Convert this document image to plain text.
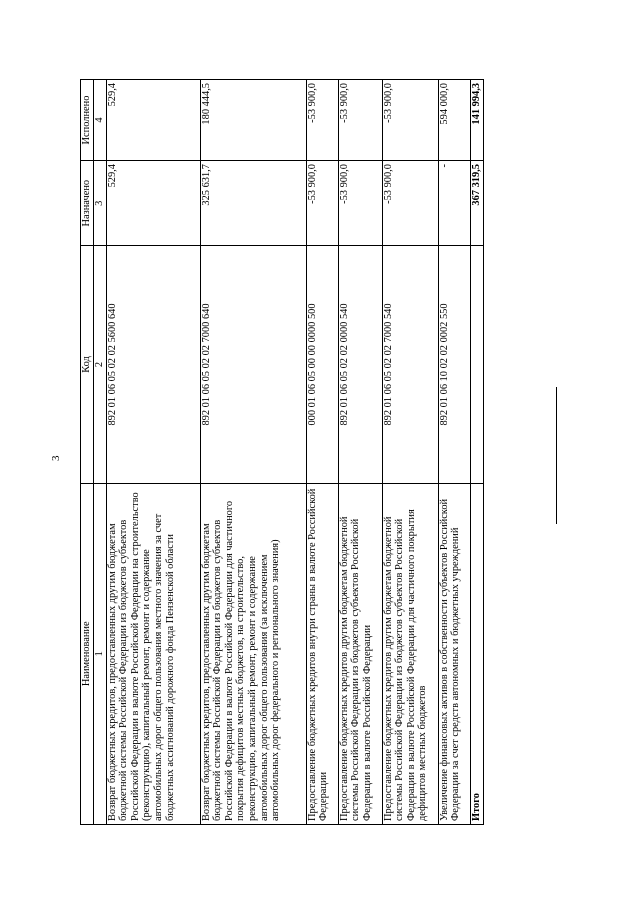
3
Наименование	Код	Назначено	Исполнено
1	2	3	4
Возврат бюджетных кредитов, предоставленных другим бюджетам бюджетной системы Российской Федерации из бюджетов субъектов Российской Федерации в валюте Российской Федерации на строительство (реконструкцию), капитальный ремонт, ремонт и содержание автомобильных дорог общего пользования местного значения за счет бюджетных ассигнований дорожного фонда Пензенской области	892 01 06 05 02 02 5600 640	529,4	529,4
Возврат бюджетных кредитов, предоставленных другим бюджетам бюджетной системы Российской Федерации из бюджетов субъектов Российской Федерации в валюте Российской Федерации для частичного покрытия дефицитов местных бюджетов, на строительство, реконструкцию, капитальный ремонт, ремонт и содержание автомобильных дорог общего пользования (за исключением автомобильных дорог федерального и регионального значения)	892 01 06 05 02 02 7000 640	325 631,7	180 444,5
Предоставление бюджетных кредитов внутри страны в валюте Российской Федерации	000 01 06 05 00 00 0000 500	-53 900,0	-53 900,0
Предоставление бюджетных кредитов другим бюджетам бюджетной системы Российской Федерации из бюджетов субъектов Российской Федерации в валюте Российской Федерации	892 01 06 05 02 02 0000 540	-53 900,0	-53 900,0
Предоставление бюджетных кредитов другим бюджетам бюджетной системы Российской Федерации из бюджетов субъектов Российской Федерации в валюте Российской Федерации для частичного покрытия дефицитов местных бюджетов	892 01 06 05 02 02 7000 540	-53 900,0	-53 900,0
Увеличение финансовых активов в собственности субъектов Российской Федерации за счет средств автономных и бюджетных учреждений	892 01 06 10 02 02 0002 550	-	594 000,0
Итого		367 319,5	141 994,3
